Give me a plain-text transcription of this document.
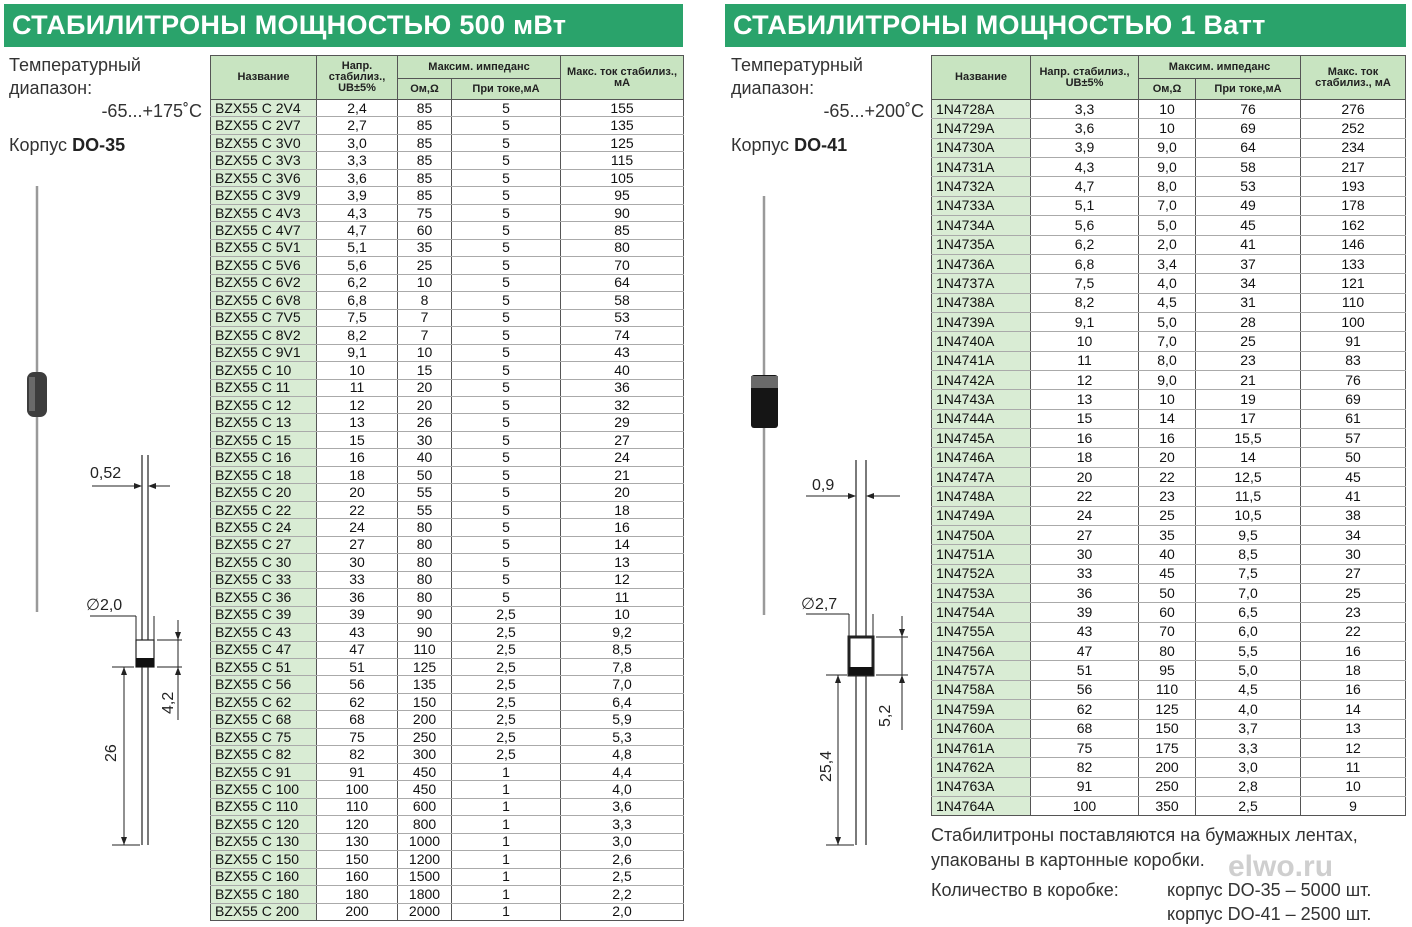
СТАБИЛИТРОНЫ МОЩНОСТЬЮ 500 мВт	СТАБИЛИТРОНЫ МОЩНОСТЬЮ 1 Ватт
Температурный
диапазон:
-65...+175˚C
Корпус DO-35
Температурный
диапазон:
-65...+200˚C
Корпус DO-41
0,52
∅2,0
4,2
26
0,9
∅2,7
5,2
25,4
Название	Напр. стабилиз., UB±5%	Максим. импеданс		Макс. ток стабилиз., мА
		Ом,Ω	При токе,мА	
BZX55 C 2V4	2,4	85	5	155
BZX55 C 2V7	2,7	85	5	135
BZX55 C 3V0	3,0	85	5	125
BZX55 C 3V3	3,3	85	5	115
BZX55 C 3V6	3,6	85	5	105
BZX55 C 3V9	3,9	85	5	95
BZX55 C 4V3	4,3	75	5	90
BZX55 C 4V7	4,7	60	5	85
BZX55 C 5V1	5,1	35	5	80
BZX55 C 5V6	5,6	25	5	70
BZX55 C 6V2	6,2	10	5	64
BZX55 C 6V8	6,8	8	5	58
BZX55 C 7V5	7,5	7	5	53
BZX55 C 8V2	8,2	7	5	74
BZX55 C 9V1	9,1	10	5	43
BZX55 C 10	10	15	5	40
BZX55 C 11	11	20	5	36
BZX55 C 12	12	20	5	32
BZX55 C 13	13	26	5	29
BZX55 C 15	15	30	5	27
BZX55 C 16	16	40	5	24
BZX55 C 18	18	50	5	21
BZX55 C 20	20	55	5	20
BZX55 C 22	22	55	5	18
BZX55 C 24	24	80	5	16
BZX55 C 27	27	80	5	14
BZX55 C 30	30	80	5	13
BZX55 C 33	33	80	5	12
BZX55 C 36	36	80	5	11
BZX55 C 39	39	90	2,5	10
BZX55 C 43	43	90	2,5	9,2
BZX55 C 47	47	110	2,5	8,5
BZX55 C 51	51	125	2,5	7,8
BZX55 C 56	56	135	2,5	7,0
BZX55 C 62	62	150	2,5	6,4
BZX55 C 68	68	200	2,5	5,9
BZX55 C 75	75	250	2,5	5,3
BZX55 C 82	82	300	2,5	4,8
BZX55 C 91	91	450	1	4,4
BZX55 C 100	100	450	1	4,0
BZX55 C 110	110	600	1	3,6
BZX55 C 120	120	800	1	3,3
BZX55 C 130	130	1000	1	3,0
BZX55 C 150	150	1200	1	2,6
BZX55 C 160	160	1500	1	2,5
BZX55 C 180	180	1800	1	2,2
BZX55 C 200	200	2000	1	2,0
Название	Напр. стабилиз., UB±5%	Максим. импеданс		Макс. ток стабилиз., мА
		Ом,Ω	При токе,мА	
1N4728A	3,3	10	76	276
1N4729A	3,6	10	69	252
1N4730A	3,9	9,0	64	234
1N4731A	4,3	9,0	58	217
1N4732A	4,7	8,0	53	193
1N4733A	5,1	7,0	49	178
1N4734A	5,6	5,0	45	162
1N4735A	6,2	2,0	41	146
1N4736A	6,8	3,4	37	133
1N4737A	7,5	4,0	34	121
1N4738A	8,2	4,5	31	110
1N4739A	9,1	5,0	28	100
1N4740A	10	7,0	25	91
1N4741A	11	8,0	23	83
1N4742A	12	9,0	21	76
1N4743A	13	10	19	69
1N4744A	15	14	17	61
1N4745A	16	16	15,5	57
1N4746A	18	20	14	50
1N4747A	20	22	12,5	45
1N4748A	22	23	11,5	41
1N4749A	24	25	10,5	38
1N4750A	27	35	9,5	34
1N4751A	30	40	8,5	30
1N4752A	33	45	7,5	27
1N4753A	36	50	7,0	25
1N4754A	39	60	6,5	23
1N4755A	43	70	6,0	22
1N4756A	47	80	5,5	16
1N4757A	51	95	5,0	18
1N4758A	56	110	4,5	16
1N4759A	62	125	4,0	14
1N4760A	68	150	3,7	13
1N4761A	75	175	3,3	12
1N4762A	82	200	3,0	11
1N4763A	91	250	2,8	10
1N4764A	100	350	2,5	9
Стабилитроны поставляются на бумажных лентах,
упакованы в картонные коробки.
Количество в коробке:	корпус DO-35 – 5000 шт.
корпус DO-41 – 2500 шт.
elwo.ru
